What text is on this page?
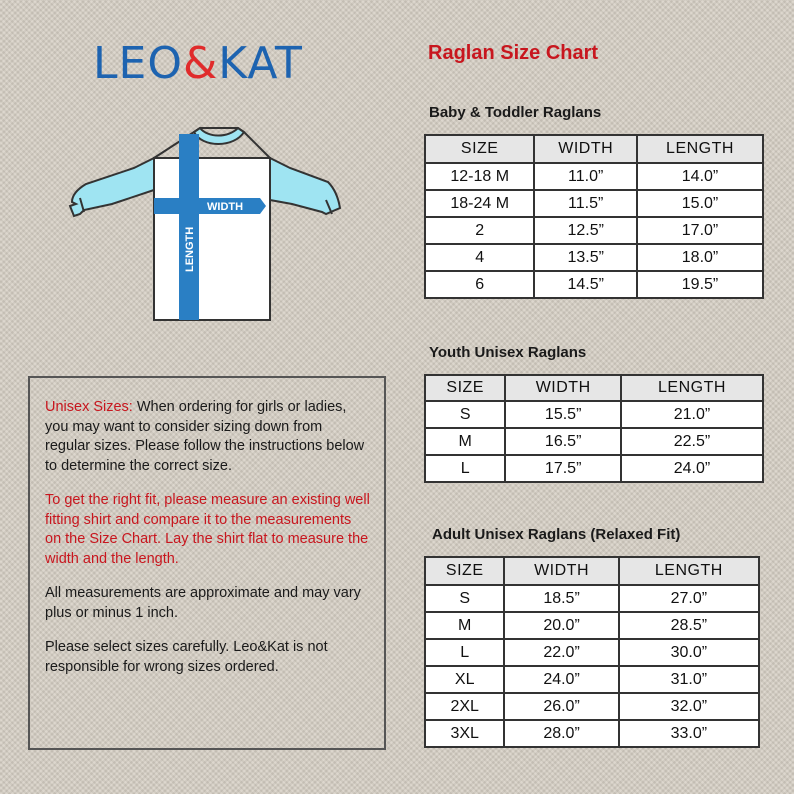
LEO&KAT
WIDTH
LENGTH
Raglan Size Chart
Baby & Toddler Raglans
SIZE	WIDTH	LENGTH
12-18 M	11.0”	14.0”
18-24 M	11.5”	15.0”
2	12.5”	17.0”
4	13.5”	18.0”
6	14.5”	19.5”
Youth Unisex Raglans
SIZE	WIDTH	LENGTH
S	15.5”	21.0”
M	16.5”	22.5”
L	17.5”	24.0”
Adult Unisex Raglans (Relaxed Fit)
SIZE	WIDTH	LENGTH
S	18.5”	27.0”
M	20.0”	28.5”
L	22.0”	30.0”
XL	24.0”	31.0”
2XL	26.0”	32.0”
3XL	28.0”	33.0”

Unisex Sizes: When ordering for girls or ladies, you may want to consider sizing down from regular sizes. Please follow the instructions below to determine the correct size.

To get the right fit, please measure an existing well fitting shirt and compare it to the measurements on the Size Chart. Lay the shirt flat to measure the width and the length.

All measurements are approximate and may vary plus or minus 1 inch.

Please select sizes carefully. Leo&Kat is not responsible for wrong sizes ordered.
